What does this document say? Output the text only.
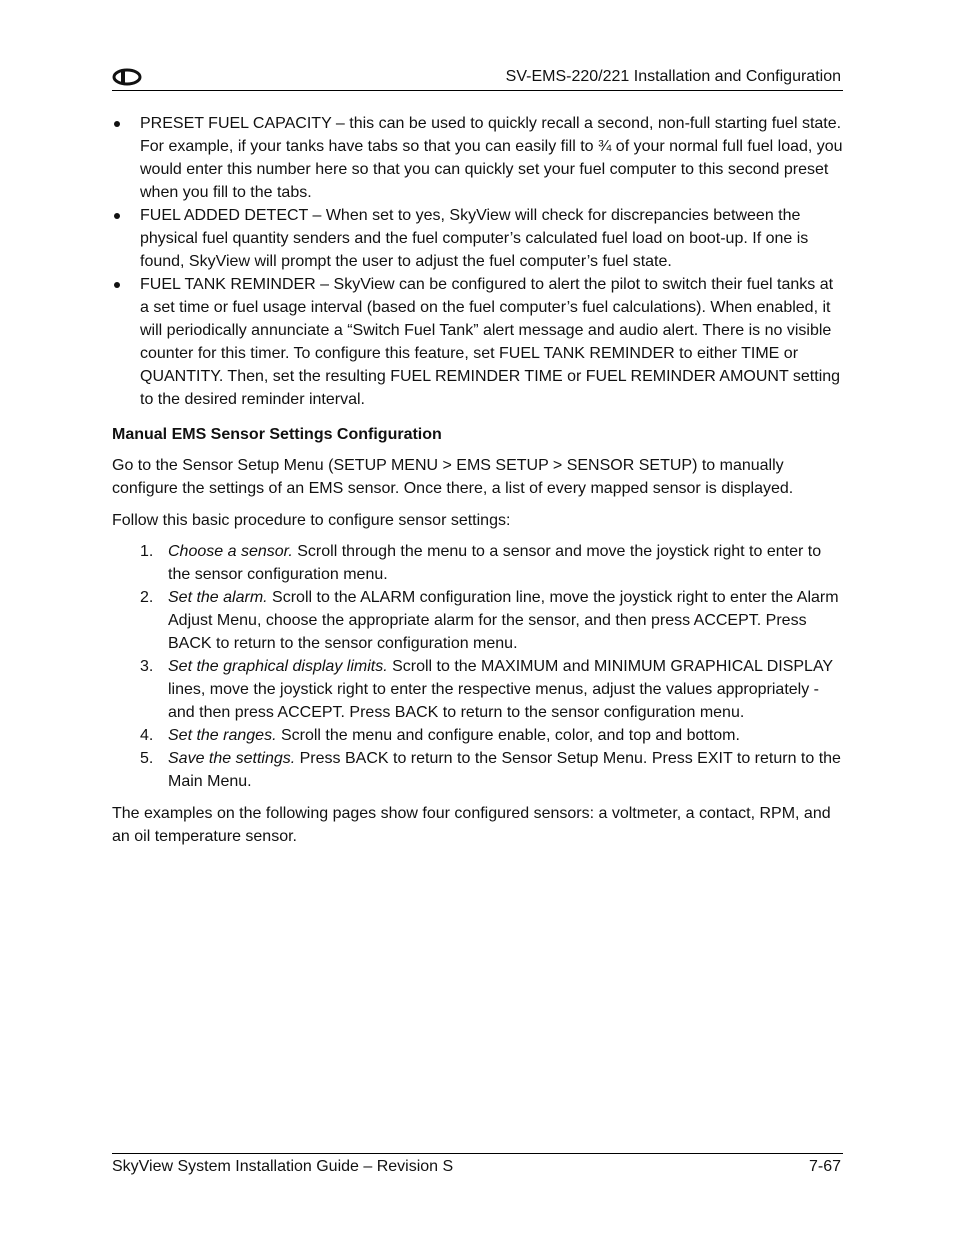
SV-EMS-220/221 Installation and Configuration
PRESET FUEL CAPACITY – this can be used to quickly recall a second, non-full starting fuel state. For example, if your tanks have tabs so that you can easily fill to ¾ of your normal full fuel load, you would enter this number here so that you can quickly set your fuel computer to this second preset when you fill to the tabs.
FUEL ADDED DETECT – When set to yes, SkyView will check for discrepancies between the physical fuel quantity senders and the fuel computer’s calculated fuel load on boot-up. If one is found, SkyView will prompt the user to adjust the fuel computer’s fuel state.
FUEL TANK REMINDER – SkyView can be configured to alert the pilot to switch their fuel tanks at a set time or fuel usage interval (based on the fuel computer’s fuel calculations). When enabled, it will periodically annunciate a “Switch Fuel Tank” alert message and audio alert. There is no visible counter for this timer. To configure this feature, set FUEL TANK REMINDER to either TIME or QUANTITY. Then, set the resulting FUEL REMINDER TIME or FUEL REMINDER AMOUNT setting to the desired reminder interval.
Manual EMS Sensor Settings Configuration

Go to the Sensor Setup Menu (SETUP MENU > EMS SETUP > SENSOR SETUP) to manually configure the settings of an EMS sensor. Once there, a list of every mapped sensor is displayed.

Follow this basic procedure to configure sensor settings:

1. Choose a sensor. Scroll through the menu to a sensor and move the joystick right to enter to the sensor configuration menu.
2. Set the alarm. Scroll to the ALARM configuration line, move the joystick right to enter the Alarm Adjust Menu, choose the appropriate alarm for the sensor, and then press ACCEPT. Press BACK to return to the sensor configuration menu.
3. Set the graphical display limits. Scroll to the MAXIMUM and MINIMUM GRAPHICAL DISPLAY lines, move the joystick right to enter the respective menus, adjust the values appropriately - and then press ACCEPT. Press BACK to return to the sensor configuration menu.
4. Set the ranges. Scroll the menu and configure enable, color, and top and bottom.
5. Save the settings. Press BACK to return to the Sensor Setup Menu. Press EXIT to return to the Main Menu.

The examples on the following pages show four configured sensors: a voltmeter, a contact, RPM, and an oil temperature sensor.

SkyView System Installation Guide – Revision S	7-67
